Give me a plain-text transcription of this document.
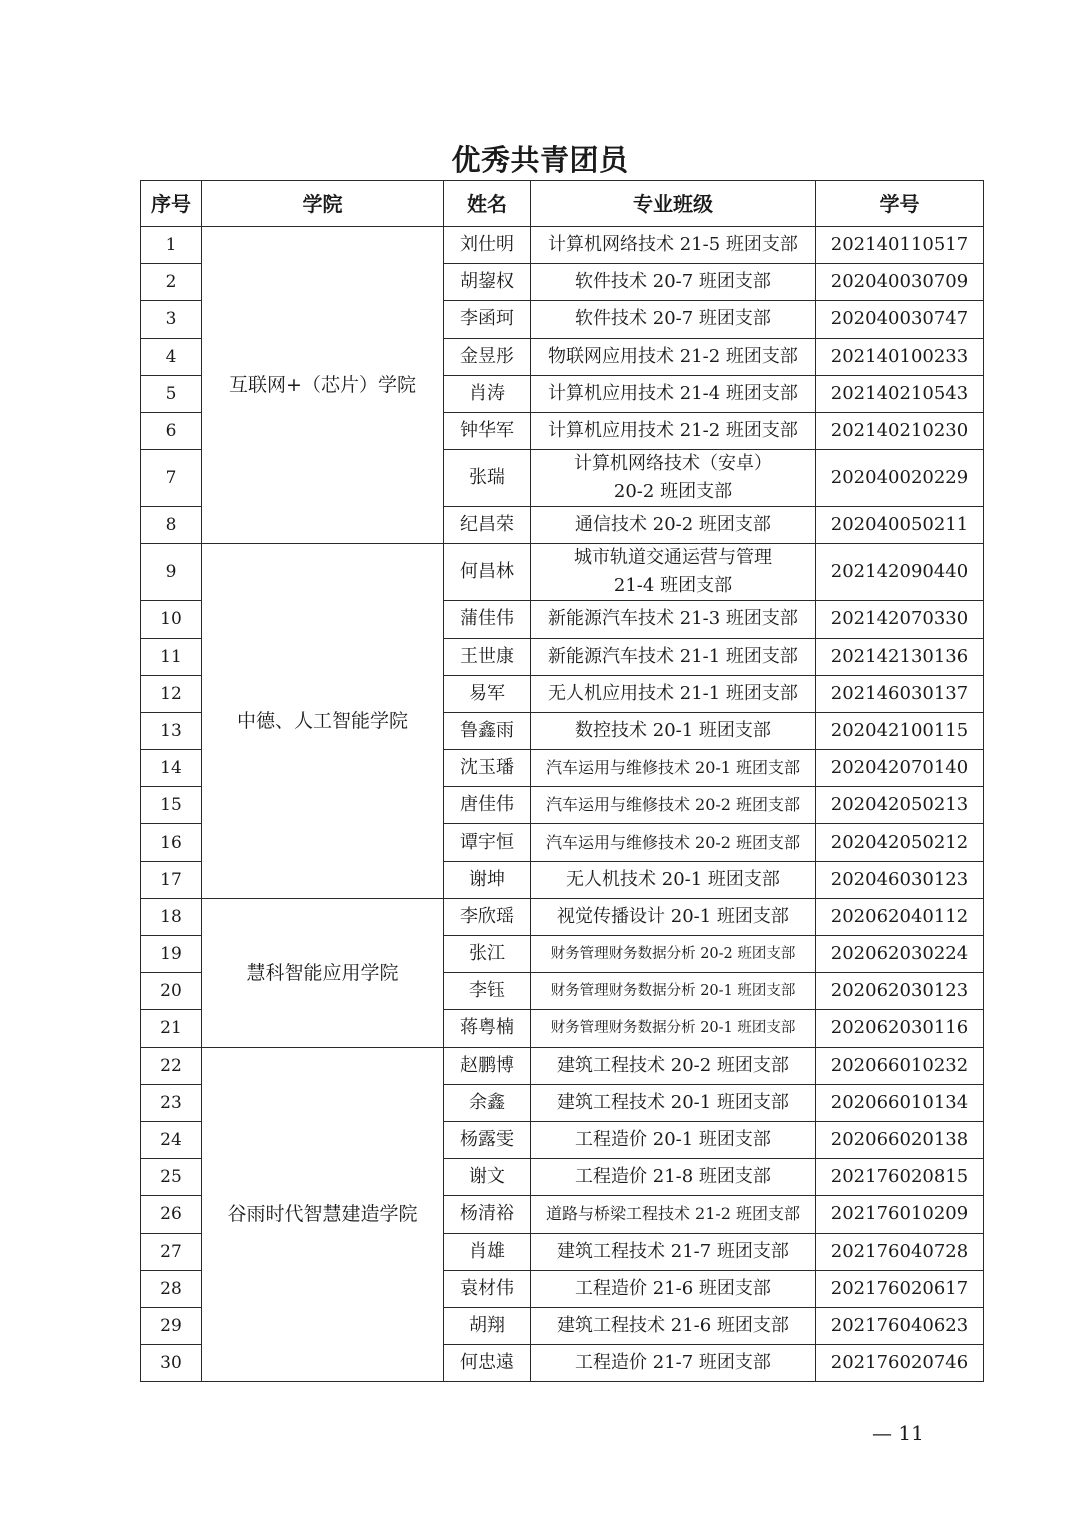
优秀共青团员
序号	学院	姓名	专业班级	学号
1	互联网+（芯片）学院	刘仕明	计算机网络技术 21-5 班团支部	202140110517
2		胡鋆权	软件技术 20-7 班团支部	202040030709
3		李函珂	软件技术 20-7 班团支部	202040030747
4		金昱彤	物联网应用技术 21-2 班团支部	202140100233
5		肖涛	计算机应用技术 21-4 班团支部	202140210543
6		钟华军	计算机应用技术 21-2 班团支部	202140210230
7		张瑞	计算机网络技术（安卓）
20-2 班团支部	202040020229
8		纪昌荣	通信技术 20-2 班团支部	202040050211
9	中德、人工智能学院	何昌林	城市轨道交通运营与管理
21-4 班团支部	202142090440
10		蒲佳伟	新能源汽车技术 21-3 班团支部	202142070330
11		王世康	新能源汽车技术 21-1 班团支部	202142130136
12		易军	无人机应用技术 21-1 班团支部	202146030137
13		鲁鑫雨	数控技术 20-1 班团支部	202042100115
14		沈玉璠	汽车运用与维修技术 20-1 班团支部	202042070140
15		唐佳伟	汽车运用与维修技术 20-2 班团支部	202042050213
16		谭宇恒	汽车运用与维修技术 20-2 班团支部	202042050212
17		谢坤	无人机技术 20-1 班团支部	202046030123
18	慧科智能应用学院	李欣瑶	视觉传播设计 20-1 班团支部	202062040112
19		张江	财务管理财务数据分析 20-2 班团支部	202062030224
20		李钰	财务管理财务数据分析 20-1 班团支部	202062030123
21		蒋粤楠	财务管理财务数据分析 20-1 班团支部	202062030116
22	谷雨时代智慧建造学院	赵鹏博	建筑工程技术 20-2 班团支部	202066010232
23		余鑫	建筑工程技术 20-1 班团支部	202066010134
24		杨露雯	工程造价 20-1 班团支部	202066020138
25		谢文	工程造价 21-8 班团支部	202176020815
26		杨清裕	道路与桥梁工程技术 21-2 班团支部	202176010209
27		肖雄	建筑工程技术 21-7 班团支部	202176040728
28		袁材伟	工程造价 21-6 班团支部	202176020617
29		胡翔	建筑工程技术 21-6 班团支部	202176040623
30		何忠遠	工程造价 21-7 班团支部	202176020746
— 11
